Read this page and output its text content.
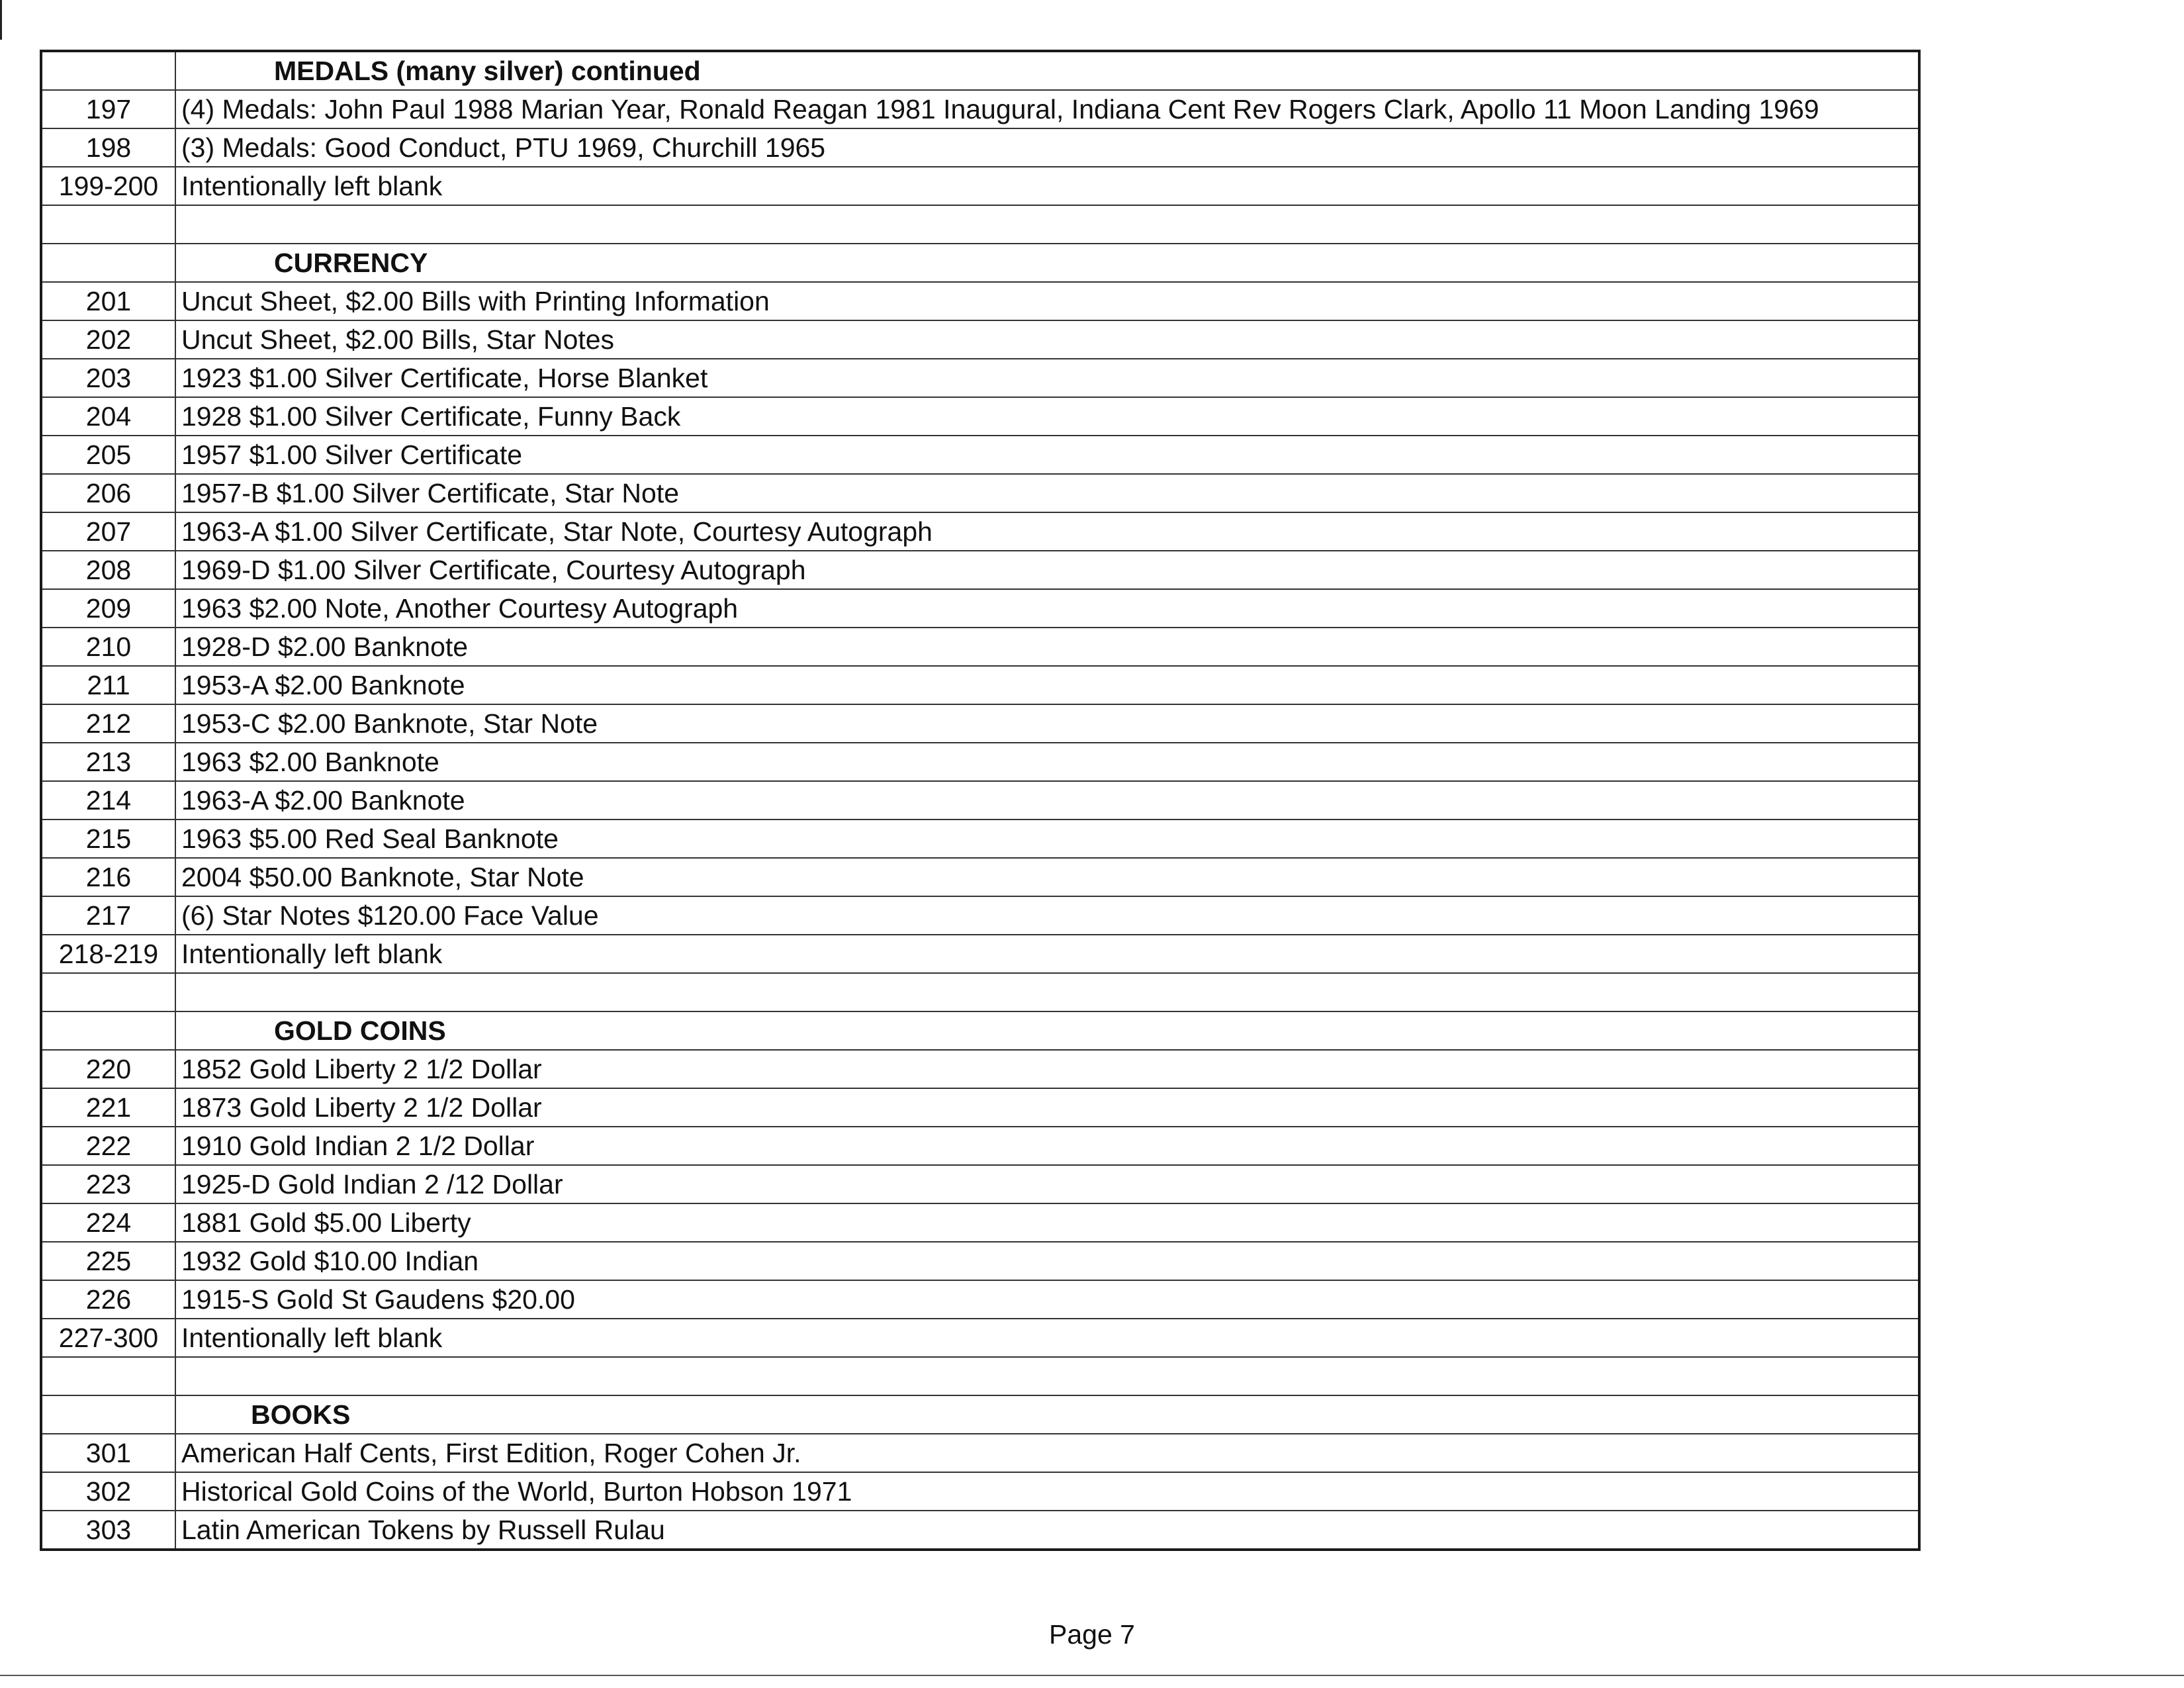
	MEDALS (many silver) continued
197	(4) Medals: John Paul 1988 Marian Year, Ronald Reagan 1981 Inaugural, Indiana Cent Rev Rogers Clark, Apollo 11 Moon Landing 1969
198	(3) Medals: Good Conduct, PTU 1969, Churchill 1965
199-200	Intentionally left blank

	CURRENCY
201	Uncut Sheet, $2.00 Bills with Printing Information
202	Uncut Sheet, $2.00 Bills, Star Notes
203	1923 $1.00 Silver Certificate, Horse Blanket
204	1928 $1.00 Silver Certificate, Funny Back
205	1957 $1.00 Silver Certificate
206	1957-B $1.00 Silver Certificate, Star Note
207	1963-A $1.00 Silver Certificate, Star Note, Courtesy Autograph
208	1969-D $1.00 Silver Certificate, Courtesy Autograph
209	1963 $2.00 Note, Another Courtesy Autograph
210	1928-D $2.00 Banknote
211	1953-A $2.00 Banknote
212	1953-C $2.00 Banknote, Star Note
213	1963 $2.00 Banknote
214	1963-A $2.00 Banknote
215	1963 $5.00 Red Seal Banknote
216	2004 $50.00 Banknote, Star Note
217	(6) Star Notes $120.00 Face Value
218-219	Intentionally left blank

	GOLD COINS
220	1852 Gold Liberty 2 1/2 Dollar
221	1873 Gold Liberty 2 1/2 Dollar
222	1910 Gold Indian 2 1/2 Dollar
223	1925-D Gold Indian 2 /12 Dollar
224	1881 Gold $5.00 Liberty
225	1932 Gold $10.00 Indian
226	1915-S Gold St Gaudens $20.00
227-300	Intentionally left blank

	BOOKS
301	American Half Cents, First Edition, Roger Cohen Jr.
302	Historical Gold Coins of the World, Burton Hobson 1971
303	Latin American Tokens by Russell Rulau
Page 7
